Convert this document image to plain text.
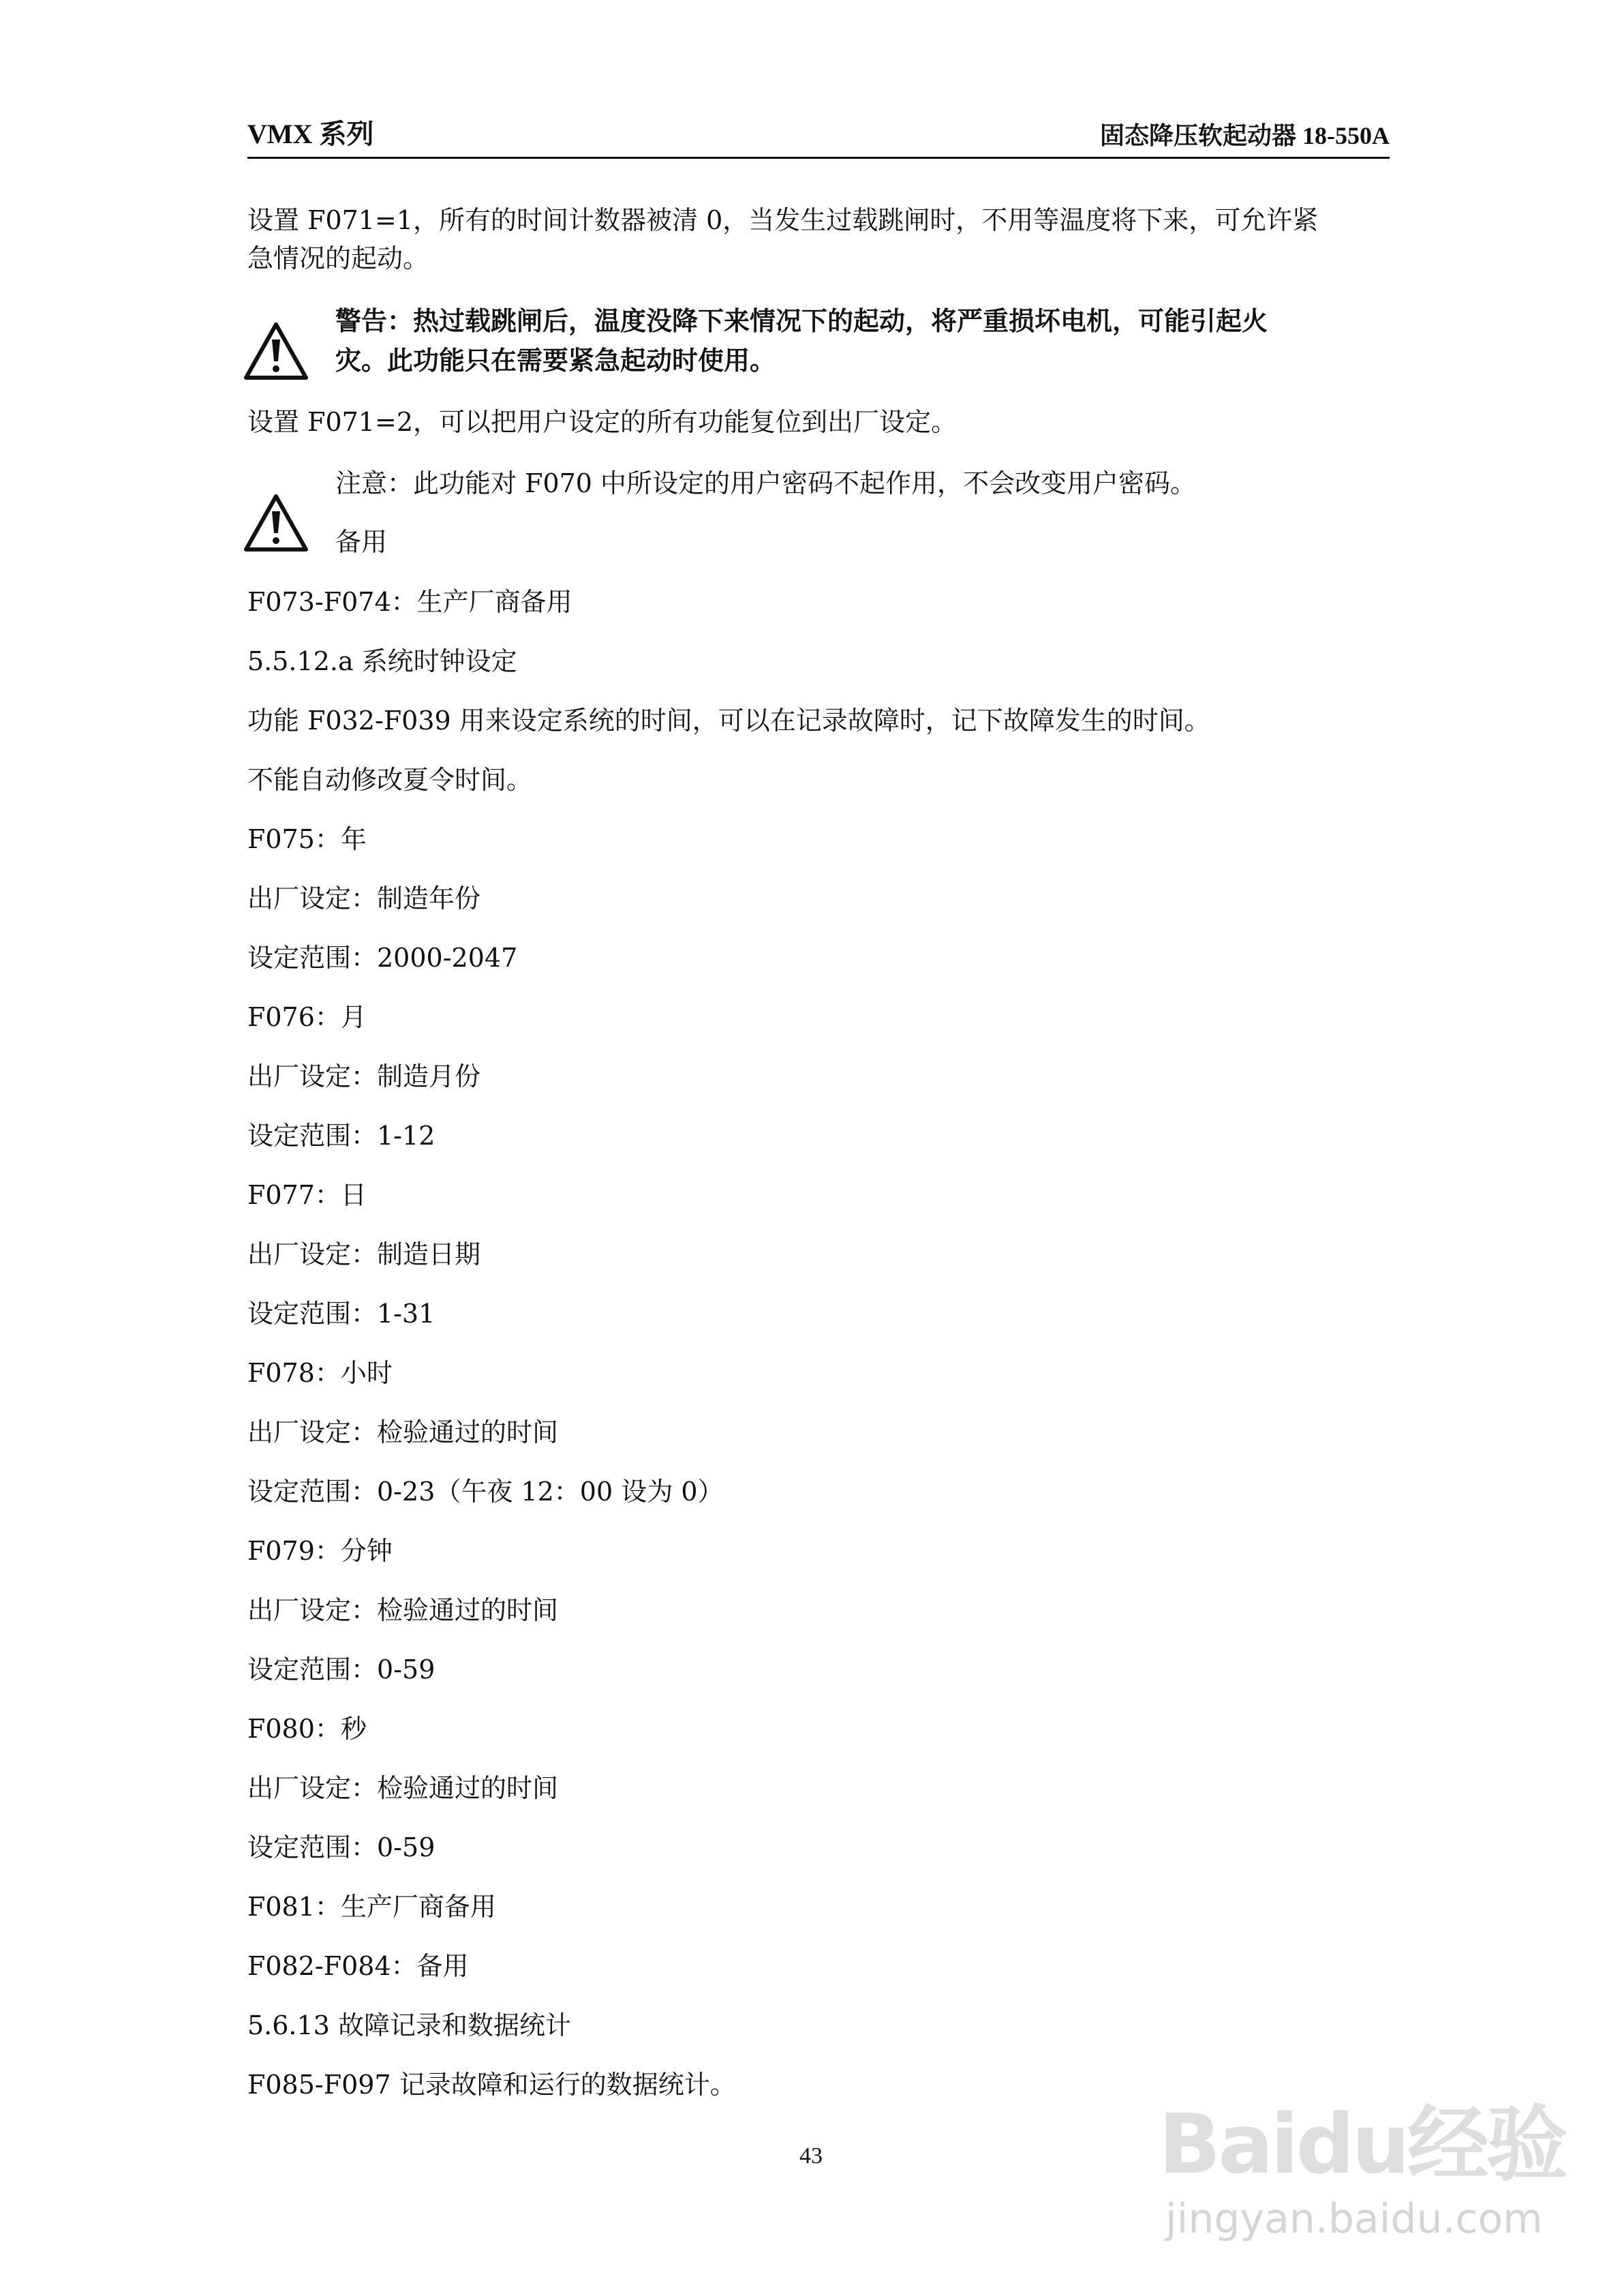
VMX 系列	固态降压软起动器 18-550A
设置 F071=1，所有的时间计数器被清 0，当发生过载跳闸时，不用等温度将下来，可允许紧
急情况的起动。
警告：热过载跳闸后，温度没降下来情况下的起动，将严重损坏电机，可能引起火
灾。此功能只在需要紧急起动时使用。
设置 F071=2，可以把用户设定的所有功能复位到出厂设定。
注意：此功能对 F070 中所设定的用户密码不起作用，不会改变用户密码。
备用
F073-F074：生产厂商备用
5.5.12.a 系统时钟设定
功能 F032-F039 用来设定系统的时间，可以在记录故障时，记下故障发生的时间。
不能自动修改夏令时间。
F075：年
出厂设定：制造年份
设定范围：2000-2047
F076：月
出厂设定：制造月份
设定范围：1-12
F077：日
出厂设定：制造日期
设定范围：1-31
F078：小时
出厂设定：检验通过的时间
设定范围：0-23（午夜 12：00 设为 0）
F079：分钟
出厂设定：检验通过的时间
设定范围：0-59
F080：秒
出厂设定：检验通过的时间
设定范围：0-59
F081：生产厂商备用
F082-F084：备用
5.6.13 故障记录和数据统计
F085-F097 记录故障和运行的数据统计。
43	Baidu经验
jingyan.baidu.com
